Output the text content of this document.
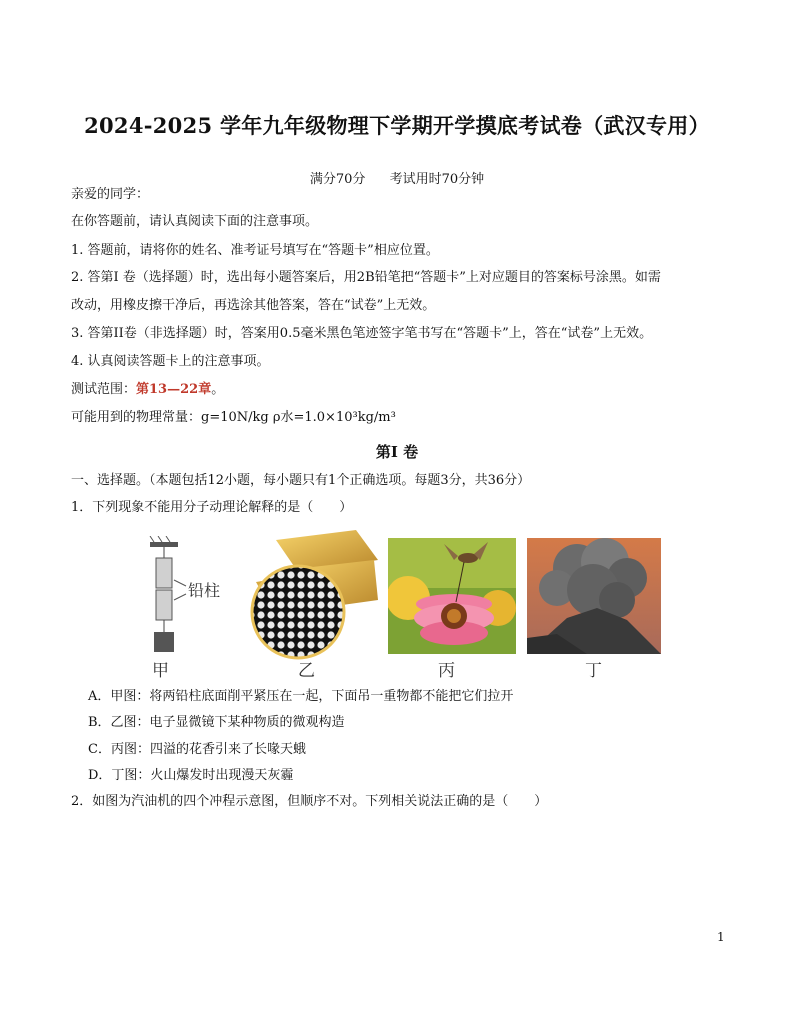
2024-2025 学年九年级物理下学期开学摸底考试卷（武汉专用）
满分70分 考试用时70分钟
亲爱的同学：
在你答题前，请认真阅读下面的注意事项。
1. 答题前，请将你的姓名、准考证号填写在“答题卡”相应位置。
2. 答第I 卷（选择题）时，选出每小题答案后，用2B铅笔把“答题卡”上对应题目的答案标号涂黑。如需
改动，用橡皮擦干净后，再选涂其他答案，答在“试卷”上无效。
3. 答第II卷（非选择题）时，答案用0.5毫米黑色笔迹签字笔书写在“答题卡”上，答在“试卷”上无效。
4. 认真阅读答题卡上的注意事项。
测试范围：第13—22章。
可能用到的物理常量：g=10N/kg ρ水=1.0×10³kg/m³
第I 卷
一、选择题。（本题包括12小题，每小题只有1个正确选项。每题3分，共36分）
1．下列现象不能用分子动理论解释的是（　　）
铅柱
甲	乙	丙	丁
A．甲图：将两铅柱底面削平紧压在一起，下面吊一重物都不能把它们拉开
B．乙图：电子显微镜下某种物质的微观构造
C．丙图：四溢的花香引来了长喙天蛾
D．丁图：火山爆发时出现漫天灰霾
2．如图为汽油机的四个冲程示意图，但顺序不对。下列相关说法正确的是（　　）
1
